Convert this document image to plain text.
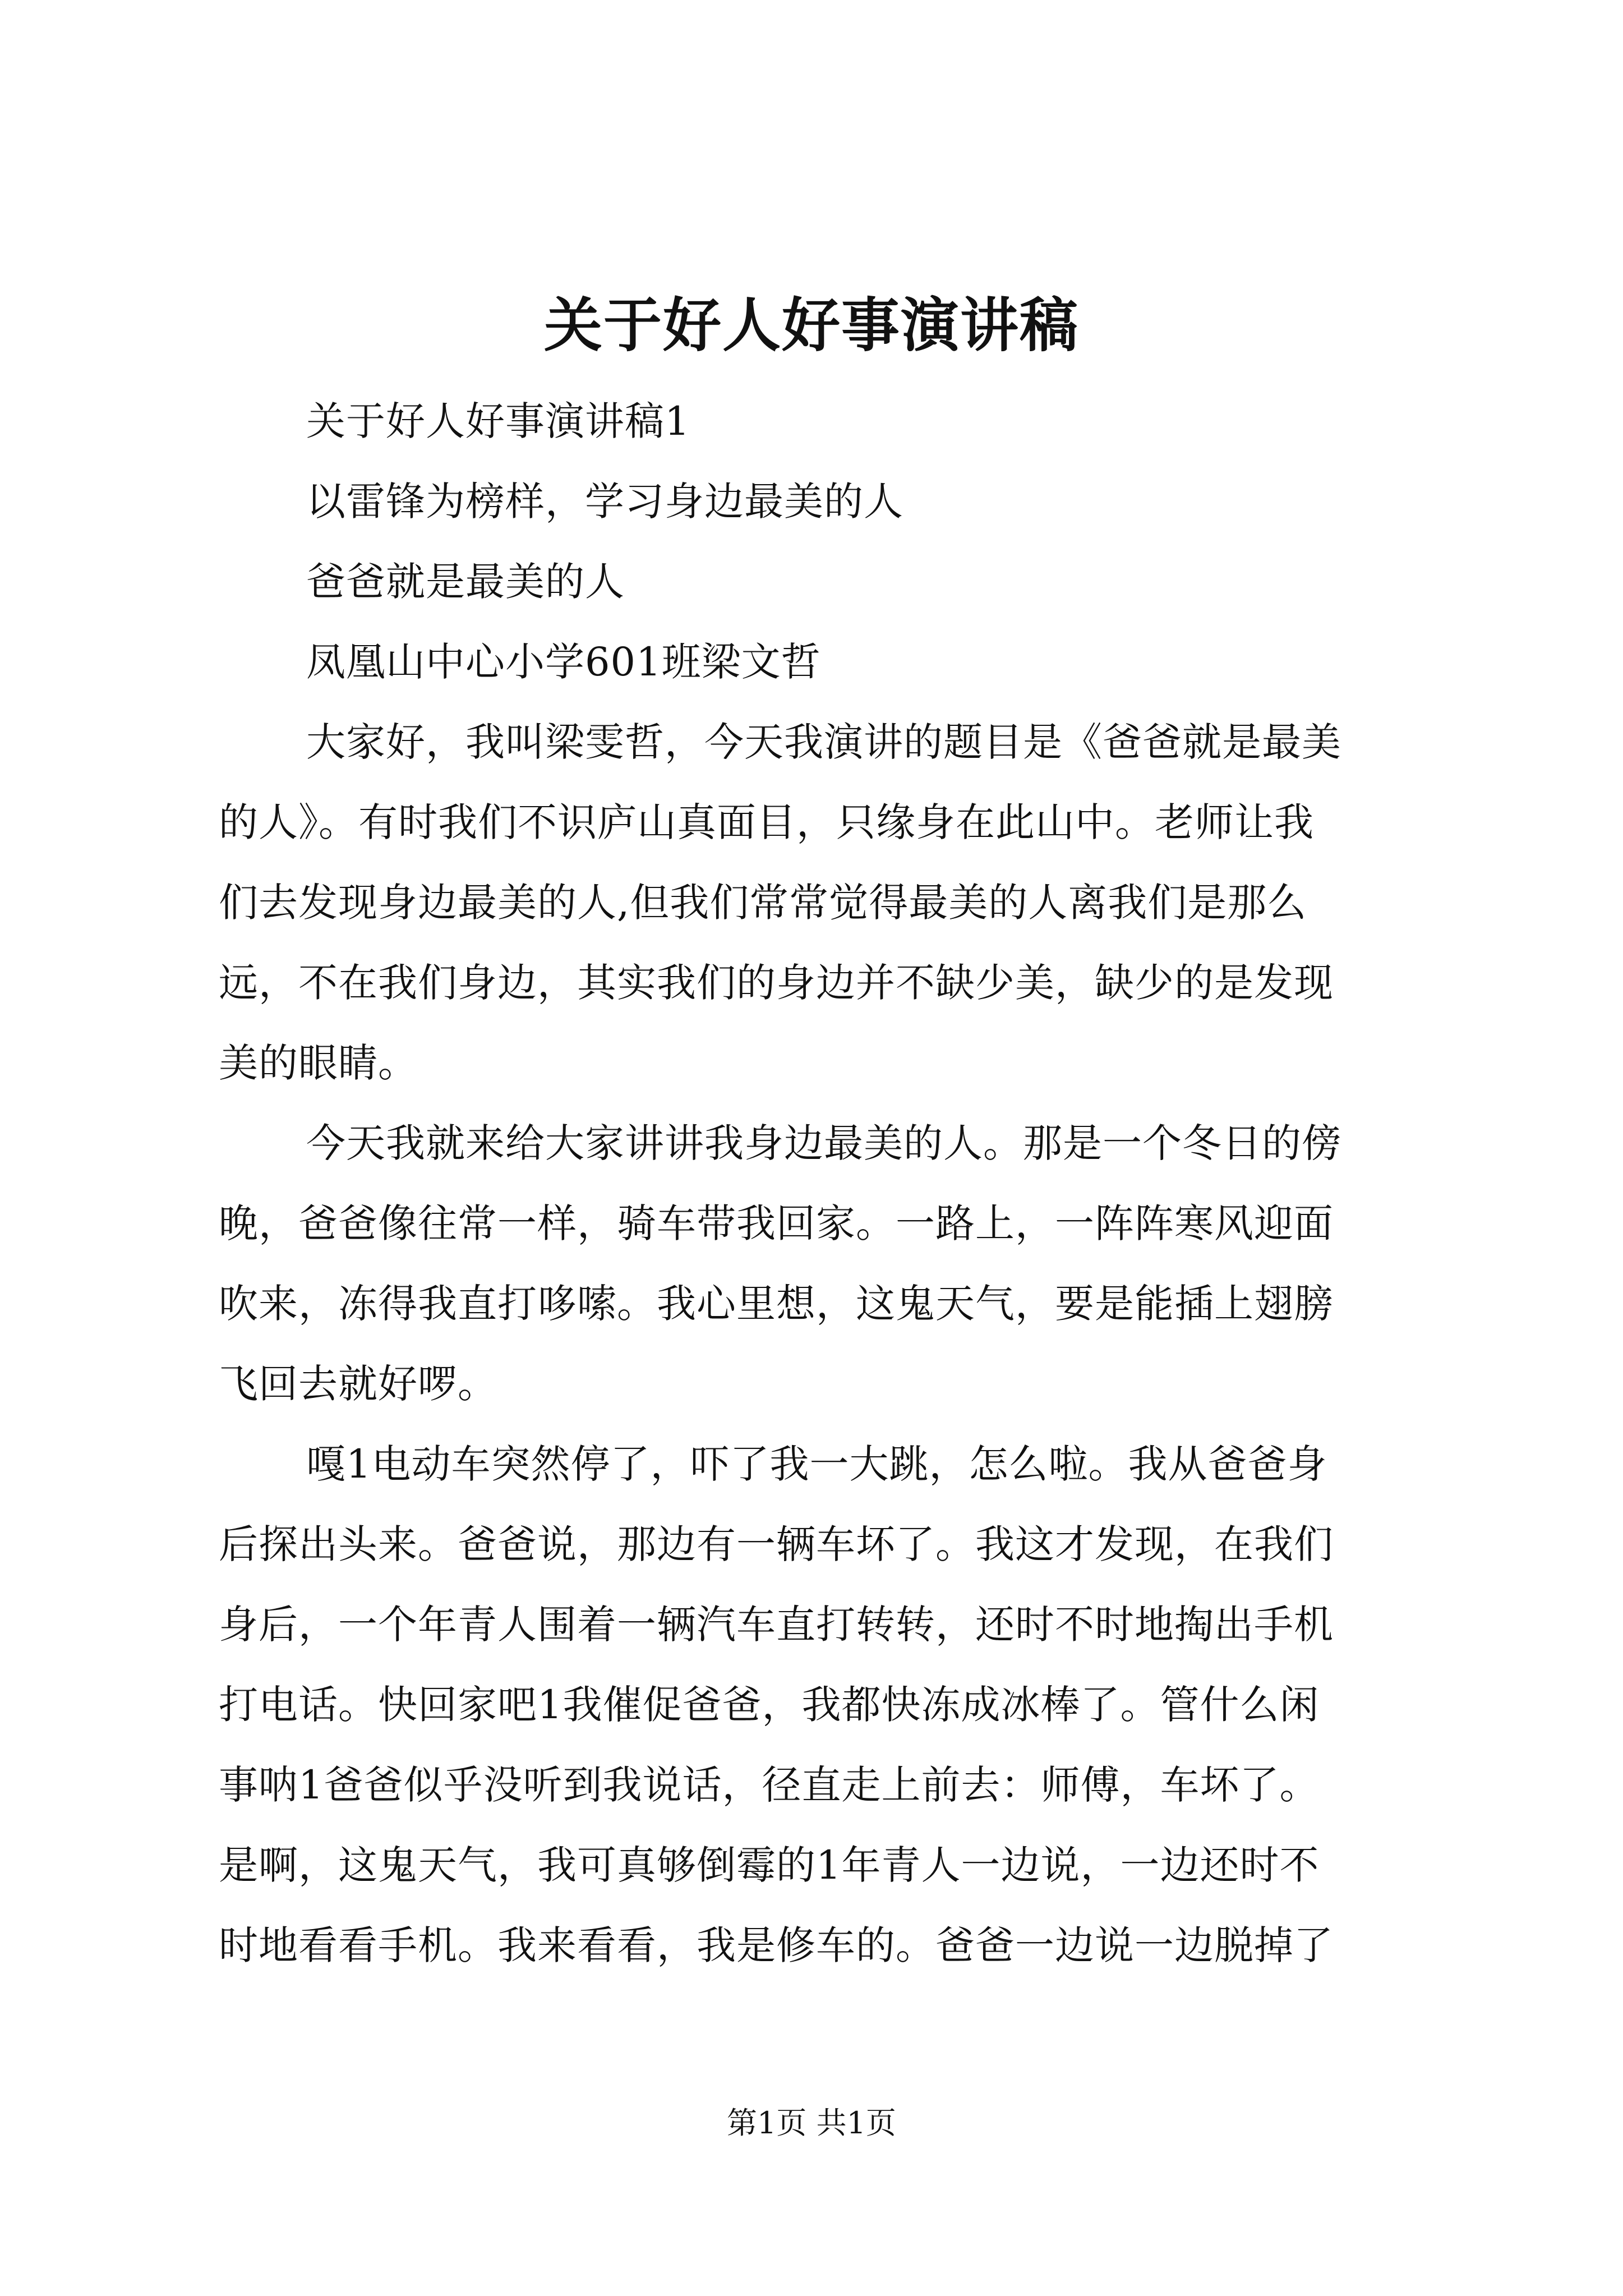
关于好人好事演讲稿
关于好人好事演讲稿1
以雷锋为榜样，学习身边最美的人
爸爸就是最美的人
凤凰山中心小学601班梁文哲
大家好，我叫梁雯哲，今天我演讲的题目是《爸爸就是最美
的人》。有时我们不识庐山真面目，只缘身在此山中。老师让我
们去发现身边最美的人,但我们常常觉得最美的人离我们是那么
远，不在我们身边，其实我们的身边并不缺少美，缺少的是发现
美的眼睛。
今天我就来给大家讲讲我身边最美的人。那是一个冬日的傍
晚，爸爸像往常一样，骑车带我回家。一路上，一阵阵寒风迎面
吹来，冻得我直打哆嗦。我心里想，这鬼天气，要是能插上翅膀
飞回去就好啰。
嘎1电动车突然停了，吓了我一大跳，怎么啦。我从爸爸身
后探出头来。爸爸说，那边有一辆车坏了。我这才发现，在我们
身后，一个年青人围着一辆汽车直打转转，还时不时地掏出手机
打电话。快回家吧1我催促爸爸，我都快冻成冰棒了。管什么闲
事呐1爸爸似乎没听到我说话，径直走上前去：师傅，车坏了。
是啊，这鬼天气，我可真够倒霉的1年青人一边说，一边还时不
时地看看手机。我来看看，我是修车的。爸爸一边说一边脱掉了
第1页 共1页
